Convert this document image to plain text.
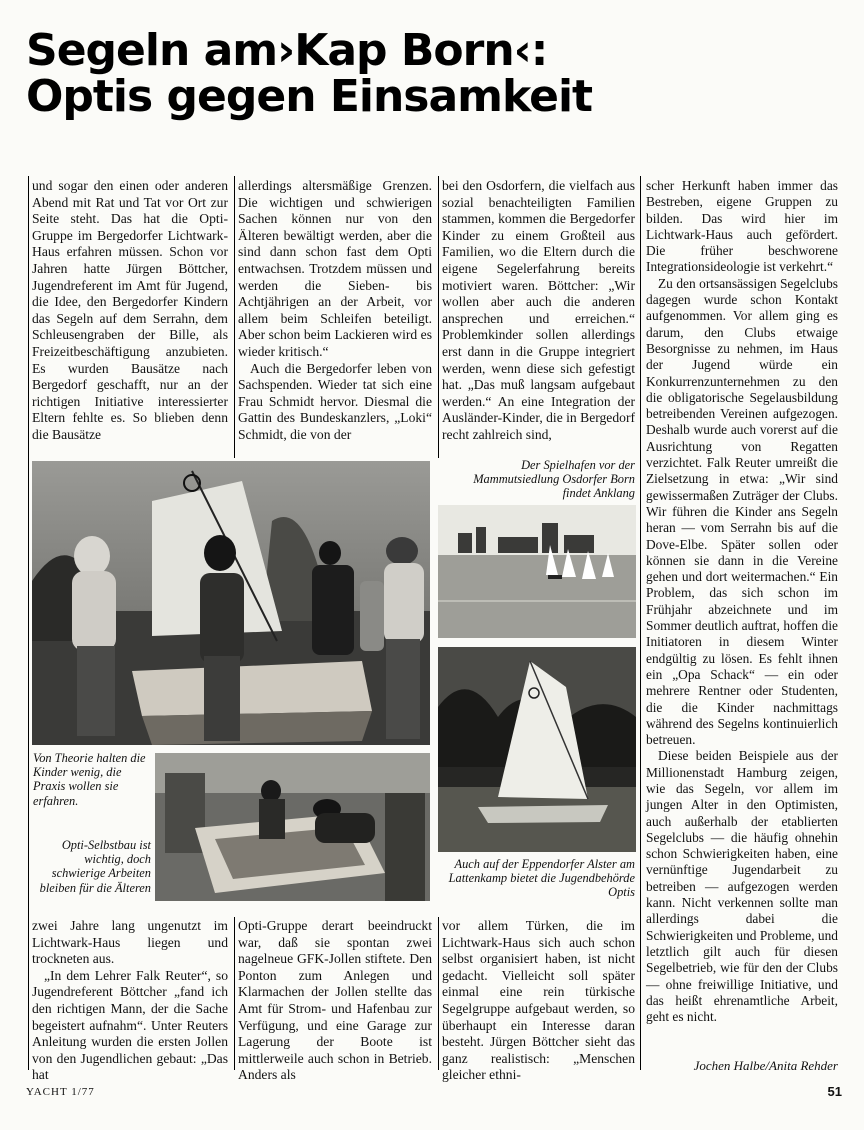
Segeln am›Kap Born‹:
Optis gegen Einsamkeit

und sogar den einen oder anderen Abend mit Rat und Tat vor Ort zur Seite steht. Das hat die Opti-Gruppe im Bergedorfer Lichtwark-Haus erfahren müssen. Schon vor Jahren hatte Jürgen Böttcher, Jugendreferent im Amt für Jugend, die Idee, den Bergedorfer Kindern das Segeln auf dem Serrahn, dem Schleusengraben der Bille, als Freizeitbeschäftigung anzubieten. Es wurden Bausätze nach Bergedorf geschafft, nur an der richtigen Initiative interessierter Eltern fehlte es. So blieben denn die Bausätze

allerdings altersmäßige Grenzen. Die wichtigen und schwierigen Sachen können nur von den Älteren bewältigt werden, aber die sind dann schon fast dem Opti entwachsen. Trotzdem müssen und werden die Sieben- bis Achtjährigen an der Arbeit, vor allem beim Schleifen beteiligt. Aber schon beim Lackieren wird es wieder kritisch.“

Auch die Bergedorfer leben von Sachspenden. Wieder tat sich eine Frau Schmidt hervor. Diesmal die Gattin des Bundeskanzlers, „Loki“ Schmidt, die von der

bei den Osdorfern, die vielfach aus sozial benachteiligten Familien stammen, kommen die Bergedorfer Kinder zu einem Großteil aus Familien, wo die Eltern durch die eigene Segelerfahrung bereits motiviert waren. Böttcher: „Wir wollen aber auch die anderen ansprechen und erreichen.“ Problemkinder sollen allerdings erst dann in die Gruppe integriert werden, wenn diese sich gefestigt hat. „Das muß langsam aufgebaut werden.“ An eine Integration der Ausländer-Kinder, die in Bergedorf recht zahlreich sind,

scher Herkunft haben immer das Bestreben, eigene Gruppen zu bilden. Das wird hier im Lichtwark-Haus auch gefördert. Die früher beschworene Integrationsideologie ist verkehrt.“

Zu den ortsansässigen Segelclubs dagegen wurde schon Kontakt aufgenommen. Vor allem ging es darum, den Clubs etwaige Besorgnisse zu nehmen, im Haus der Jugend würde ein Konkurrenzunternehmen zu den die obligatorische Segelausbildung betreibenden Vereinen aufgezogen. Deshalb wurde auch vorerst auf die Ausrichtung von Regatten verzichtet. Falk Reuter umreißt die Zielsetzung in etwa: „Wir sind gewissermaßen Zuträger der Clubs. Wir führen die Kinder ans Segeln heran — vom Serrahn bis auf die Dove-Elbe. Später sollen oder können sie dann in die Vereine gehen und dort weitermachen.“ Ein Problem, das sich schon im Frühjahr abzeichnete und im Sommer deutlich auftrat, hoffen die Initiatoren in diesem Winter endgültig zu lösen. Es fehlt ihnen ein „Opa Schack“ — ein oder mehrere Rentner oder Studenten, die die Kinder nachmittags während des Segelns kontinuierlich betreuen.

Diese beiden Beispiele aus der Millionenstadt Hamburg zeigen, wie das Segeln, vor allem im jungen Alter in den Optimisten, auch außerhalb der etablierten Segelclubs — die häufig ohnehin schon Schwierigkeiten haben, eine vernünftige Jugendarbeit zu betreiben — aufgezogen werden kann. Nicht verkennen sollte man allerdings dabei die Schwierigkeiten und Probleme, und letztlich gilt auch für diesen Segelbetrieb, wie für den der Clubs — ohne freiwillige Initiative, und das heißt ehrenamtliche Arbeit, geht es nicht.

Jochen Halbe/Anita Rehder
Der Spielhafen vor der Mammutsiedlung Osdorfer Born findet Anklang
Auch auf der Eppendorfer Alster am Lattenkamp bietet die Jugendbehörde Optis
Von Theorie halten die Kinder wenig, die Praxis wollen sie erfahren.
Opti-Selbstbau ist wichtig, doch schwierige Arbeiten bleiben für die Älteren

zwei Jahre lang ungenutzt im Lichtwark-Haus liegen und trockneten aus.

„In dem Lehrer Falk Reuter“, so Jugendreferent Böttcher „fand ich den richtigen Mann, der die Sache begeistert aufnahm“. Unter Reuters Anleitung wurden die ersten Jollen von den Jugendlichen gebaut: „Das hat

Opti-Gruppe derart beeindruckt war, daß sie spontan zwei nagelneue GFK-Jollen stiftete. Den Ponton zum Anlegen und Klarmachen der Jollen stellte das Amt für Strom- und Hafenbau zur Verfügung, und eine Garage zur Lagerung der Boote ist mittlerweile auch schon in Betrieb. Anders als

vor allem Türken, die im Lichtwark-Haus sich auch schon selbst organisiert haben, ist nicht gedacht. Vielleicht soll später einmal eine rein türkische Segelgruppe aufgebaut werden, so überhaupt ein Interesse daran besteht. Jürgen Böttcher sieht das ganz realistisch: „Menschen gleicher ethni-

YACHT 1/77	51
